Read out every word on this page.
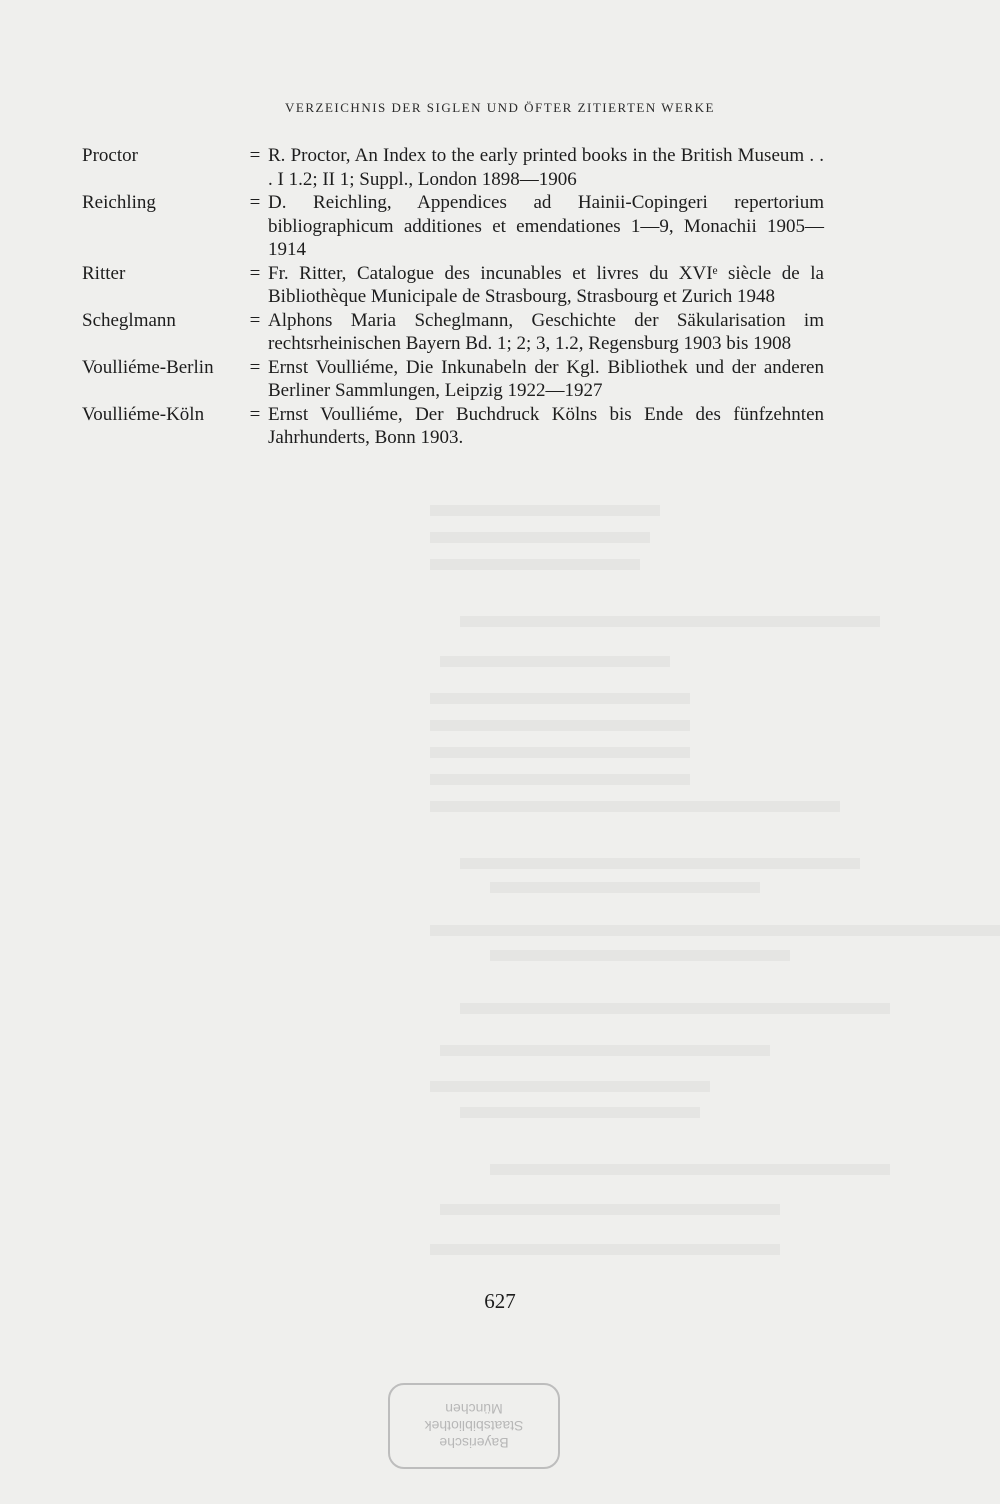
VERZEICHNIS DER SIGLEN UND ÖFTER ZITIERTEN WERKE
Proctor	= R. Proctor, An Index to the early printed books in the British Museum . . . I 1.2; II 1; Suppl., London 1898—1906
Reichling	= D. Reichling, Appendices ad Hainii-Copingeri repertorium bibliographicum additiones et emendationes 1—9, Monachii 1905—1914
Ritter	= Fr. Ritter, Catalogue des incunables et livres du XVIᵉ siècle de la Bibliothèque Municipale de Strasbourg, Strasbourg et Zurich 1948
Scheglmann	= Alphons Maria Scheglmann, Geschichte der Säkularisation im rechtsrheinischen Bayern Bd. 1; 2; 3, 1.2, Regensburg 1903 bis 1908
Voulliéme-Berlin	= Ernst Voulliéme, Die Inkunabeln der Kgl. Bibliothek und der anderen Berliner Sammlungen, Leipzig 1922—1927
Voulliéme-Köln	= Ernst Voulliéme, Der Buchdruck Kölns bis Ende des fünfzehnten Jahrhunderts, Bonn 1903.
627
Bayerische
Staatsbibliothek
München
